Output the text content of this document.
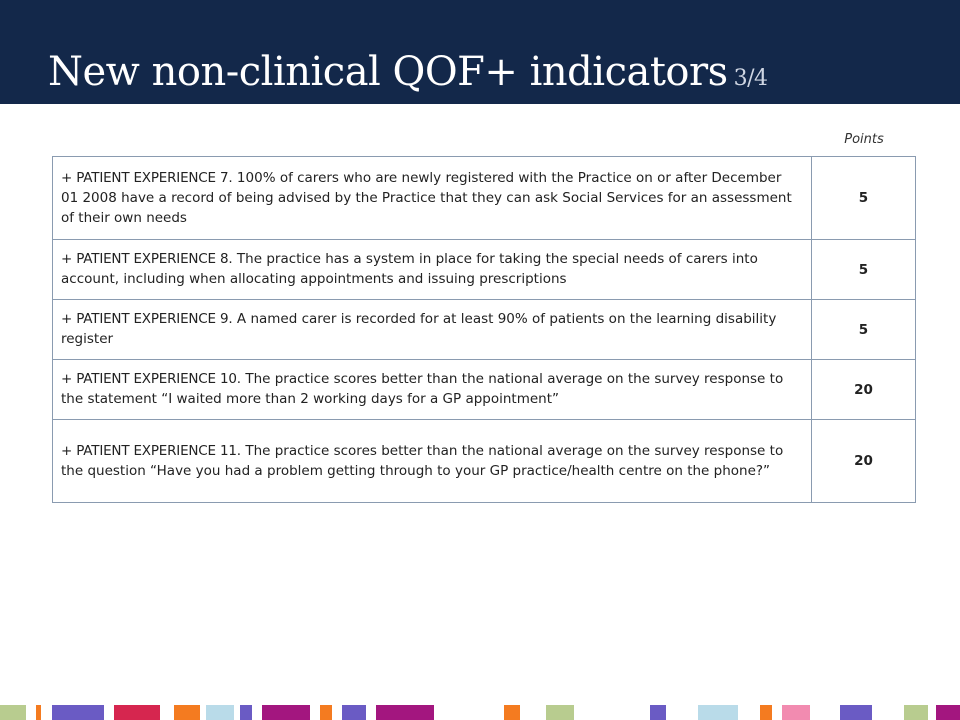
New non-clinical QOF+ indicators 3/4
Points
+ PATIENT EXPERIENCE 7. 100% of carers who are newly registered with the Practice on or after December 01 2008 have a record of being advised by the Practice that they can ask Social Services for an assessment of their own needs	5
+ PATIENT EXPERIENCE 8. The practice has a system in place for taking the special needs of carers into account, including when allocating appointments and issuing prescriptions	5
+ PATIENT EXPERIENCE 9. A named carer is recorded for at least 90% of patients on the learning disability register	5
+ PATIENT EXPERIENCE 10. The practice scores better than the national average on the survey response to the statement “I waited more than 2 working days for a GP appointment”	20
+ PATIENT EXPERIENCE 11. The practice scores better than the national average on the survey response to the question “Have you had a problem getting through to your GP practice/health centre on the phone?”	20
